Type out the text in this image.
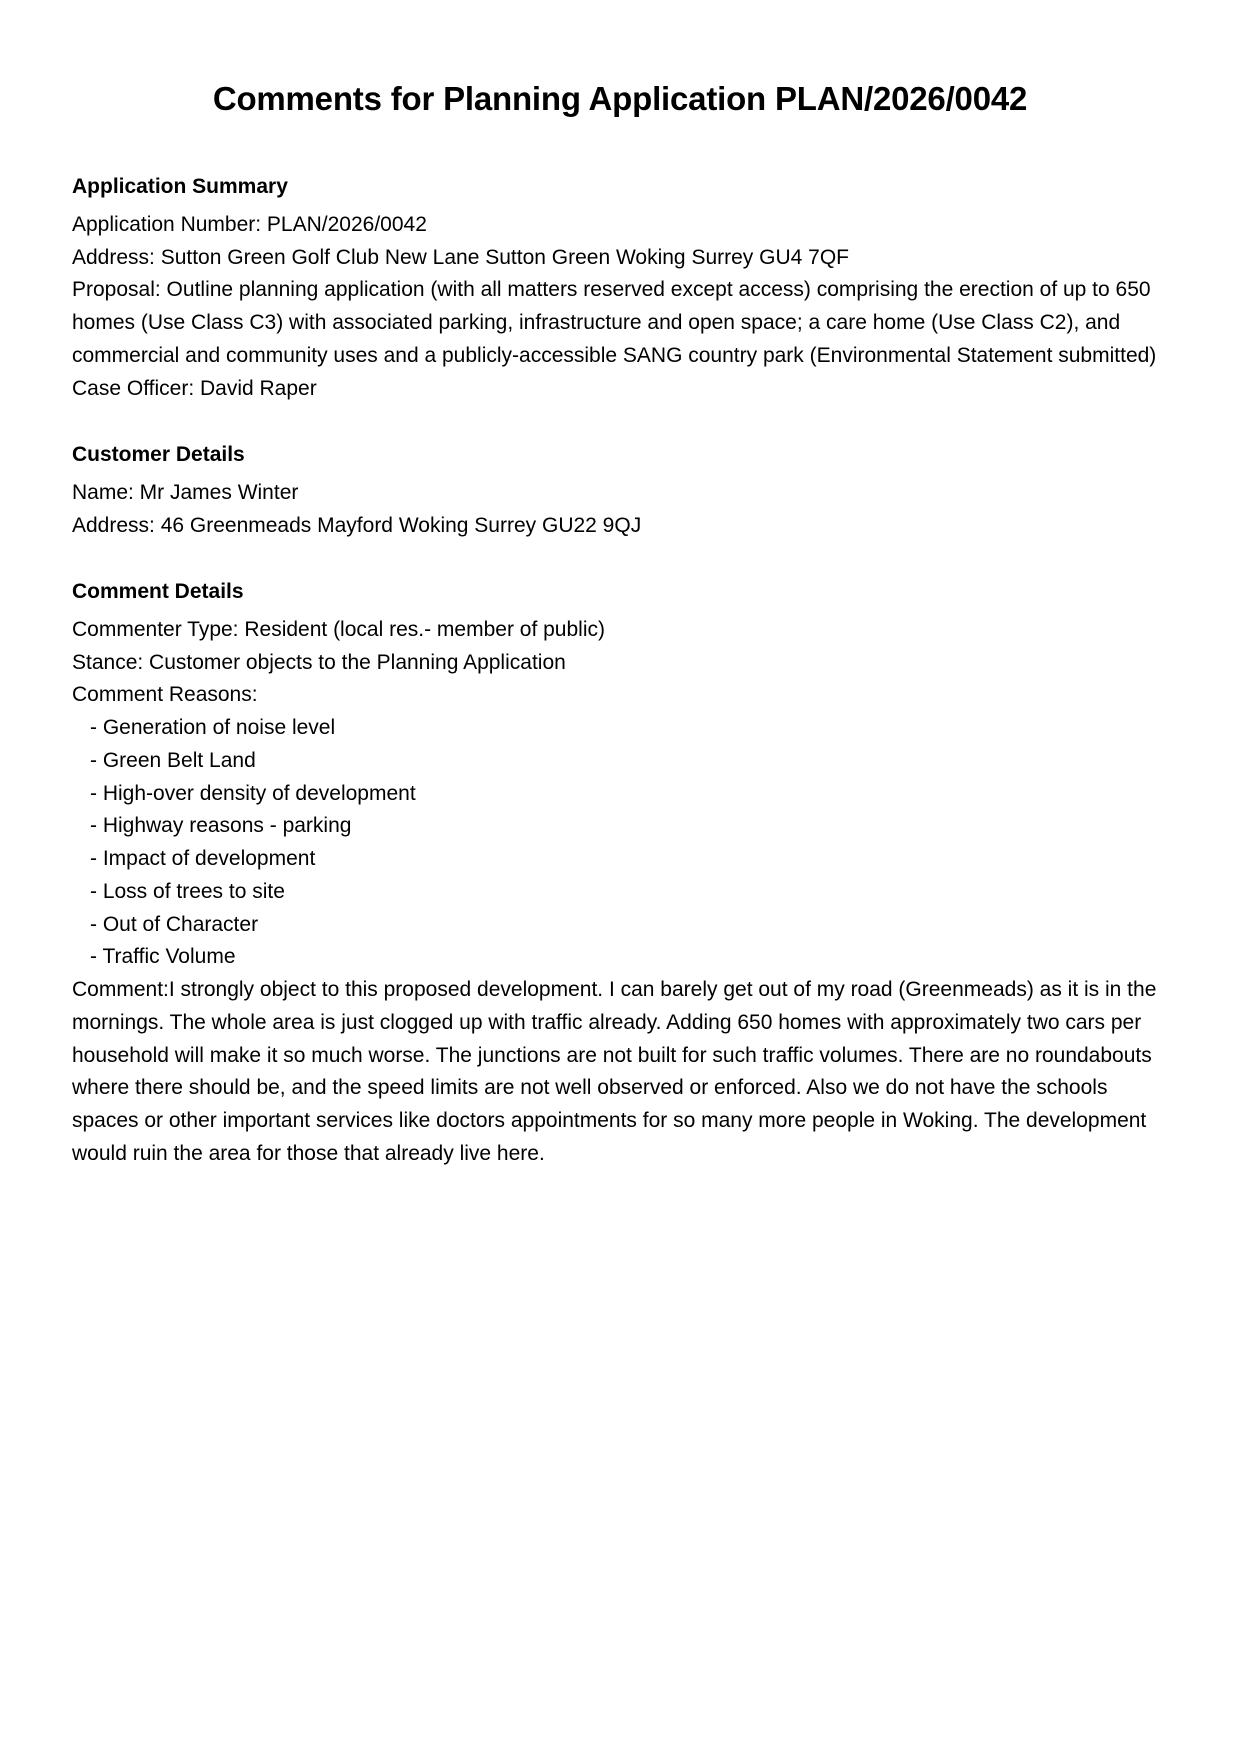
Comments for Planning Application PLAN/2026/0042
Application Summary

Application Number: PLAN/2026/0042

Address: Sutton Green Golf Club New Lane Sutton Green Woking Surrey GU4 7QF

Proposal: Outline planning application (with all matters reserved except access) comprising the erection of up to 650 homes (Use Class C3) with associated parking, infrastructure and open space; a care home (Use Class C2), and commercial and community uses and a publicly-accessible SANG country park (Environmental Statement submitted)

Case Officer: David Raper

Customer Details

Name: Mr James Winter

Address: 46 Greenmeads Mayford Woking Surrey GU22 9QJ

Comment Details

Commenter Type: Resident (local res.- member of public)

Stance: Customer objects to the Planning Application

Comment Reasons:

- Generation of noise level
- Green Belt Land
- High-over density of development
- Highway reasons - parking
- Impact of development
- Loss of trees to site
- Out of Character
- Traffic Volume

Comment:I strongly object to this proposed development. I can barely get out of my road (Greenmeads) as it is in the mornings. The whole area is just clogged up with traffic already. Adding 650 homes with approximately two cars per household will make it so much worse. The junctions are not built for such traffic volumes. There are no roundabouts where there should be, and the speed limits are not well observed or enforced. Also we do not have the schools spaces or other important services like doctors appointments for so many more people in Woking. The development would ruin the area for those that already live here.
